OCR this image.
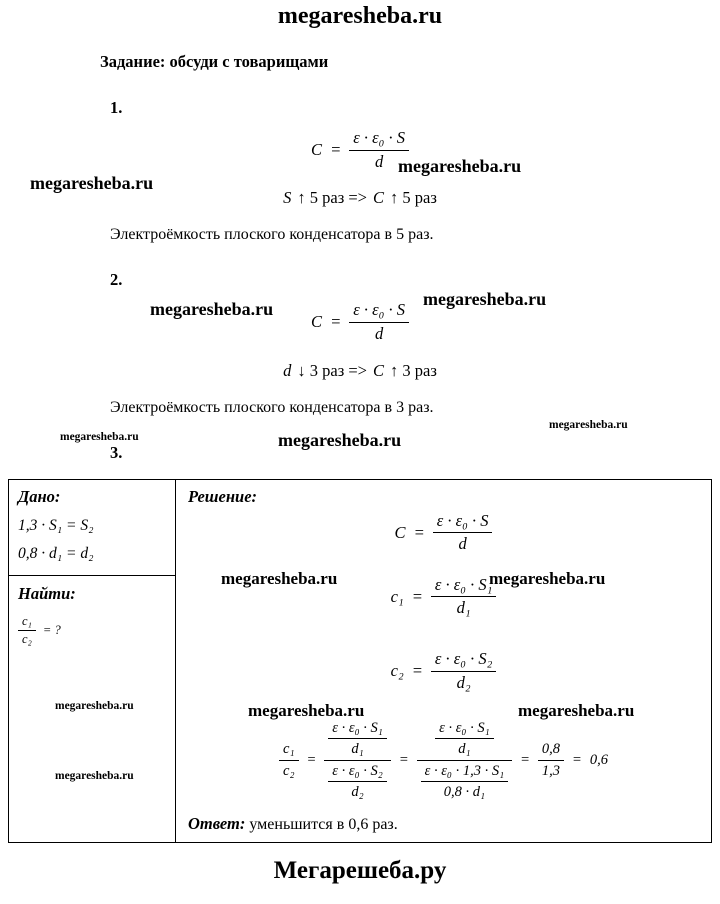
megaresheba.ru
Задание: обсуди с товарищами
1.
$C = \frac{\text{ε · ε₀ · S}}{d}$
S ↑ 5 раз => C ↑ 5 раз
Электроёмкость плоского конденсатора в 5 раз.
2.
$C = \frac{\text{ε · ε₀ · S}}{d}$
d ↓ 3 раз => C ↑ 3 раз
Электроёмкость плоского конденсатора в 3 раз.
3.
Дано:
1,3 · S₁ = S₂
0,8 · d₁ = d₂
Найти:
$\frac{\text{c₁}}{\text{c₂}}$ = ?
Решение:
$C = \frac{\text{ε · ε₀ · S}}{d}$
$c_1 = \frac{\text{ε · ε₀ · S₁}}{\text{d₁}}$
$c_2 = \frac{\text{ε · ε₀ · S₂}}{\text{d₂}}$
$\frac{\text{c₁}}{\text{c₂}} = \frac{\frac{\text{ε · ε₀ · S₁}}{\text{d₁}}}{\frac{\text{ε · ε₀ · S₂}}{\text{d₂}}} = \frac{\frac{\text{ε · ε₀ · S₁}}{\text{d₁}}}{\frac{\text{ε · ε₀ · 1,3 · S₁}}{\text{0,8 · d₁}}} = \frac{0,8}{1,3} = 0,6$
Ответ: уменьшится в 0,6 раз.
Мегарешеба.ру
megaresheba.ru
megaresheba.ru
megaresheba.ru	megaresheba.ru
megaresheba.ru
megaresheba.ru	megaresheba.ru
megaresheba.ru	megaresheba.ru
megaresheba.ru	megaresheba.ru
megaresheba.ru
megaresheba.ru
